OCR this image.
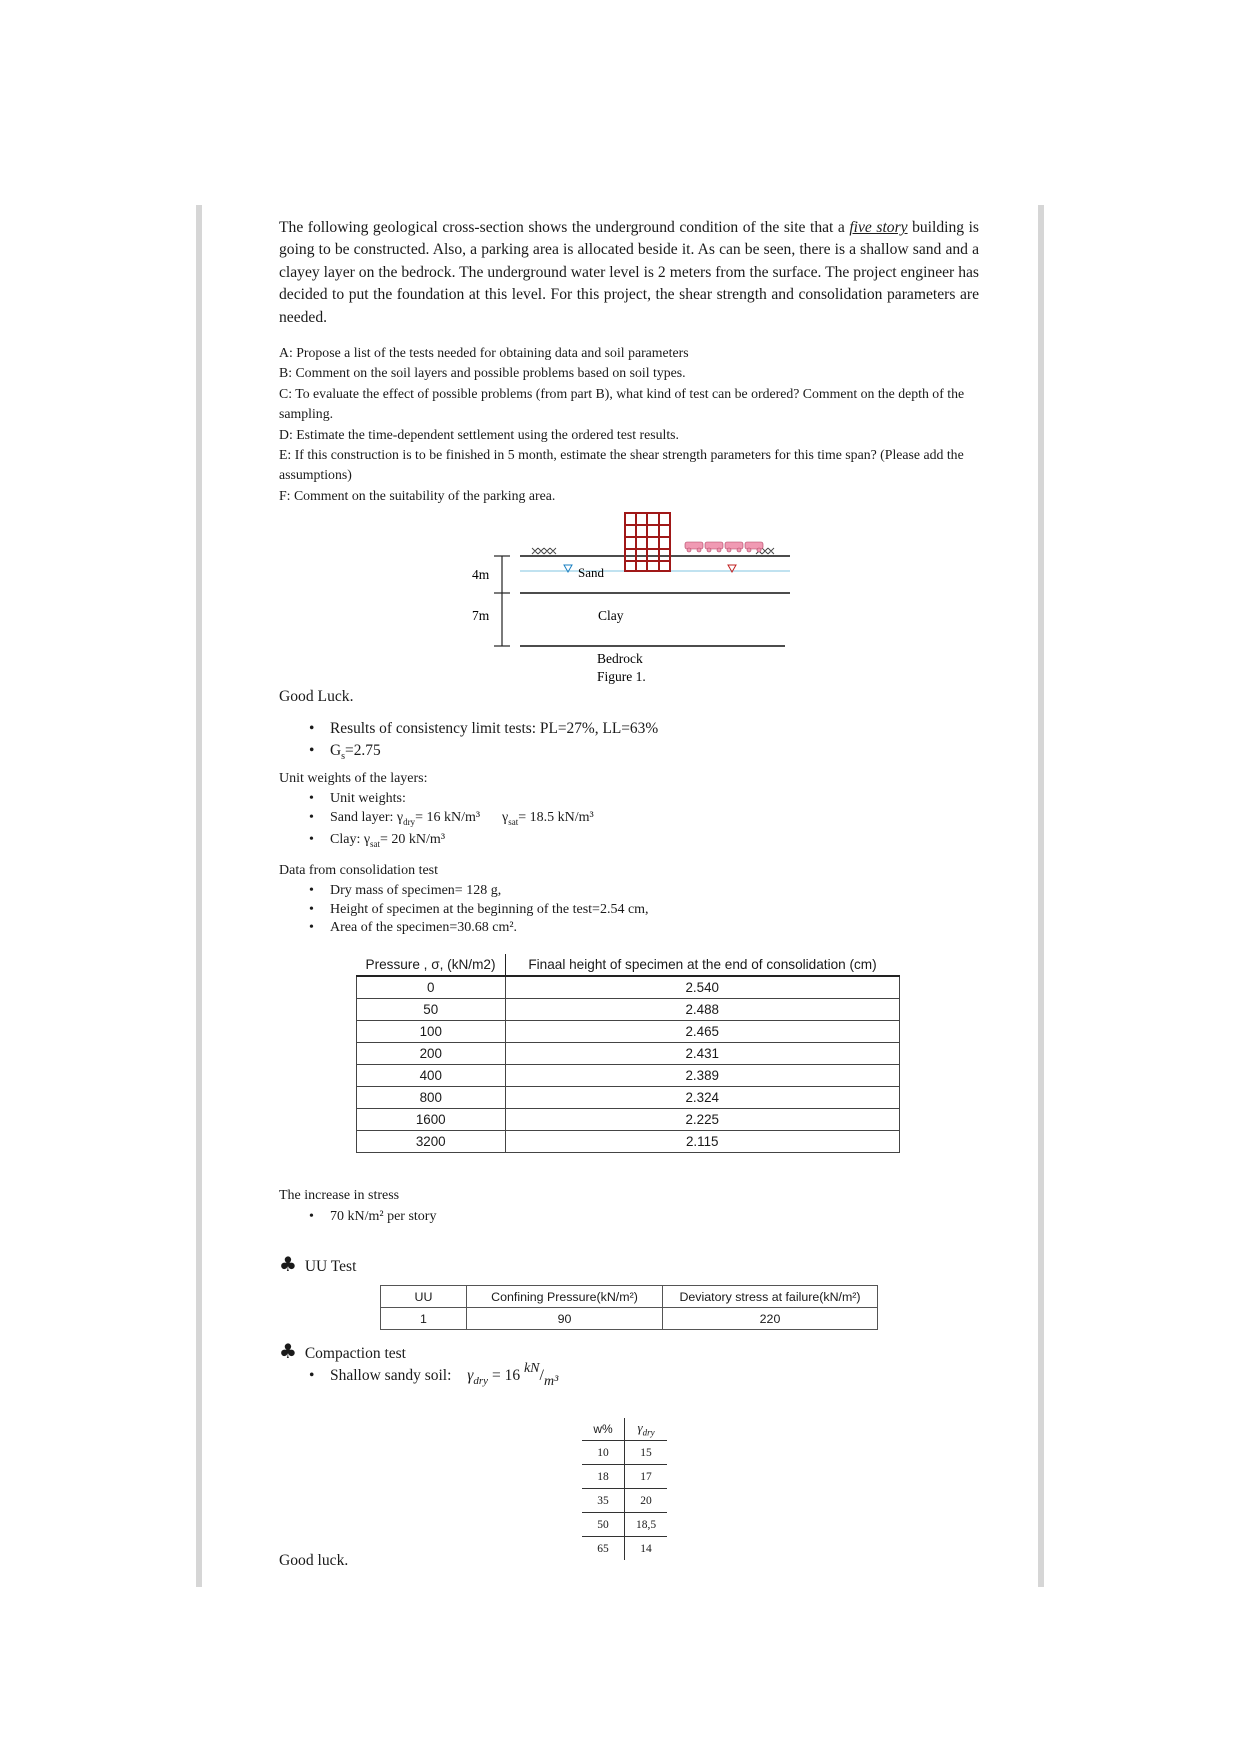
The following geological cross-section shows the underground condition of the site that a five story building is going to be constructed. Also, a parking area is allocated beside it. As can be seen, there is a shallow sand and a clayey layer on the bedrock. The underground water level is 2 meters from the surface. The project engineer has decided to put the foundation at this level. For this project, the shear strength and consolidation parameters are needed.
A: Propose a list of the tests needed for obtaining data and soil parameters
B: Comment on the soil layers and possible problems based on soil types.
C: To evaluate the effect of possible problems (from part B), what kind of test can be ordered? Comment on the depth of the sampling.
D: Estimate the time-dependent settlement using the ordered test results.
E: If this construction is to be finished in 5 month, estimate the shear strength parameters for this time span? (Please add the assumptions)
F: Comment on the suitability of the parking area.
4m
7m
Sand
Clay
Bedrock
Figure 1.
Good Luck.
• Results of consistency limit tests: PL=27%, LL=63%
• $G_s=2.75$
Unit weights of the layers:
• Unit weights:
• Sand layer: $\gamma_{dry}= 16$ kN/m³ $\gamma_{sat}= 18.5$ kN/m³
• Clay: $\gamma_{sat}= 20$ kN/m³
Data from consolidation test
• Dry mass of specimen= 128 g,
• Height of specimen at the beginning of the test=2.54 cm,
• Area of the specimen=30.68 cm².
Pressure , σ, (kN/m2)	Finaal height of specimen at the end of consolidation (cm)
0	2.540
50	2.488
100	2.465
200	2.431
400	2.389
800	2.324
1600	2.225
3200	2.115
The increase in stress
• 70 kN/m² per story
♣ UU Test
UU	Confining Pressure(kN/m²)	Deviatory stress at failure(kN/m²)
1	90	220
♣ Compaction test
• Shallow sandy soil: $\gamma_{dry} = 16$ kN/m³
w%	$\gamma_{dry}$
10	15
18	17
35	20
50	18,5
65	14
Good luck.
